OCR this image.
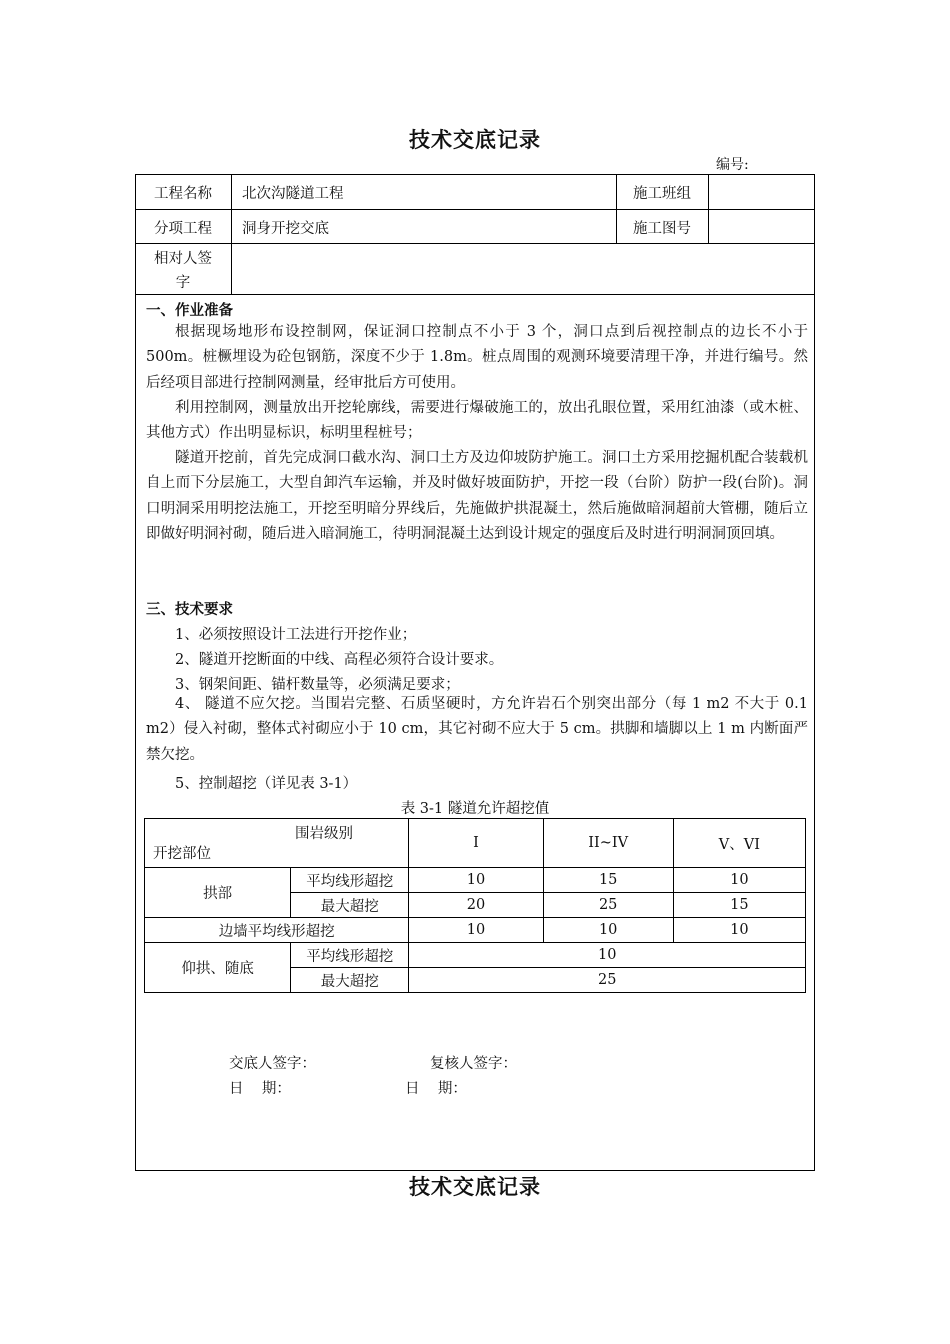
技术交底记录
编号:
工程名称	北次沟隧道工程	施工班组
分项工程	洞身开挖交底	施工图号
相对人签
字
一、作业准备

根据现场地形布设控制网，保证洞口控制点不小于 3 个，洞口点到后视控制点的边长不小于 500m。桩橛埋设为砼包钢筋，深度不少于 1.8m。桩点周围的观测环境要清理干净，并进行编号。然后经项目部进行控制网测量，经审批后方可使用。

利用控制网，测量放出开挖轮廓线，需要进行爆破施工的，放出孔眼位置，采用红油漆（或木桩、其他方式）作出明显标识，标明里程桩号；

隧道开挖前，首先完成洞口截水沟、洞口土方及边仰坡防护施工。洞口土方采用挖掘机配合装载机自上而下分层施工，大型自卸汽车运输，并及时做好坡面防护，开挖一段（台阶）防护一段(台阶)。洞口明洞采用明挖法施工，开挖至明暗分界线后，先施做护拱混凝土，然后施做暗洞超前大管棚，随后立即做好明洞衬砌，随后进入暗洞施工，待明洞混凝土达到设计规定的强度后及时进行明洞洞顶回填。

三、技术要求
1、必须按照设计工法进行开挖作业；
2、隧道开挖断面的中线、高程必须符合设计要求。
3、钢架间距、锚杆数量等，必须满足要求；

4、 隧道不应欠挖。当围岩完整、石质坚硬时，方允许岩石个别突出部分（每 1 m2 不大于 0.1 m2）侵入衬砌，整体式衬砌应小于 10 cm，其它衬砌不应大于 5 cm。拱脚和墙脚以上 1 m 内断面严禁欠挖。

5、控制超挖（详见表 3-1）
表 3-1 隧道允许超挖值
围岩级别
开挖部位		I	II~IV	V、VI
拱部	平均线形超挖	10	15	10
	最大超挖	20	25	15
边墙平均线形超挖		10	10	10
仰拱、随底	平均线形超挖	10		
	最大超挖	25		
交底人签字：	复核人签字：
日    期：	日    期：
技术交底记录
